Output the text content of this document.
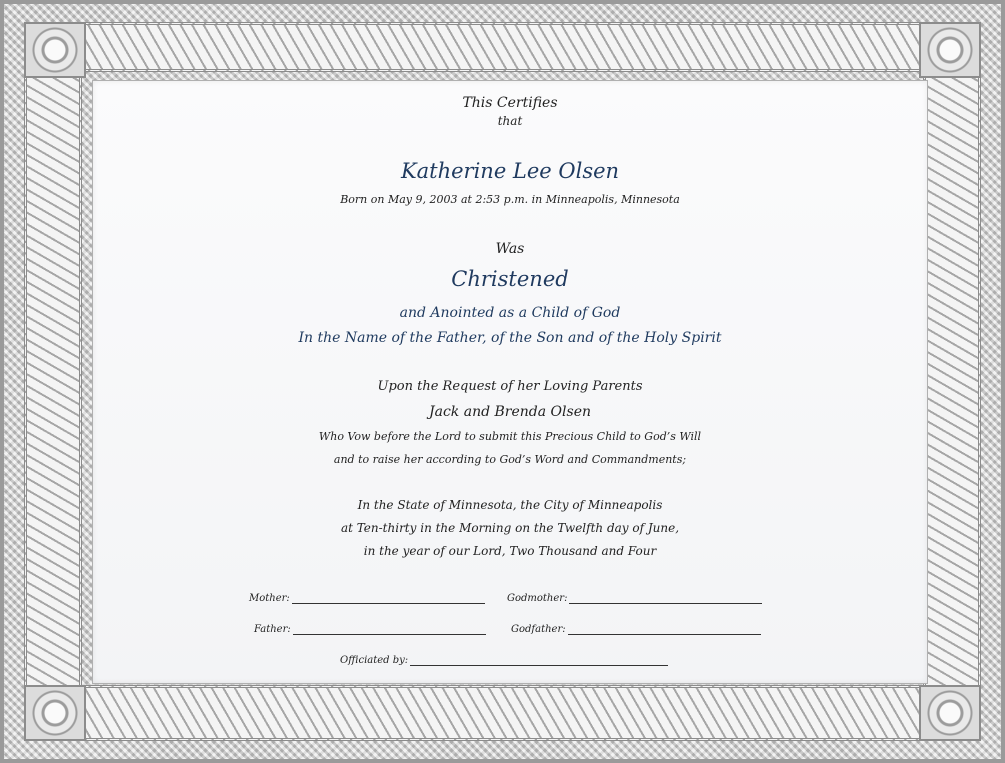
This Certifies
that
Katherine Lee Olsen
Born on May 9, 2003 at 2:53 p.m. in Minneapolis, Minnesota
Was
Christened
and Anointed as a Child of God
In the Name of the Father, of the Son and of the Holy Spirit
Upon the Request of her Loving Parents
Jack and Brenda Olsen
Who Vow before the Lord to submit this Precious Child to God’s Will
and to raise her according to God’s Word and Commandments;
In the State of Minnesota, the City of Minneapolis
at Ten-thirty in the Morning on the Twelfth day of June,
in the year of our Lord, Two Thousand and Four
Mother:	Godmother:
Father:	Godfather:
Officiated by:
